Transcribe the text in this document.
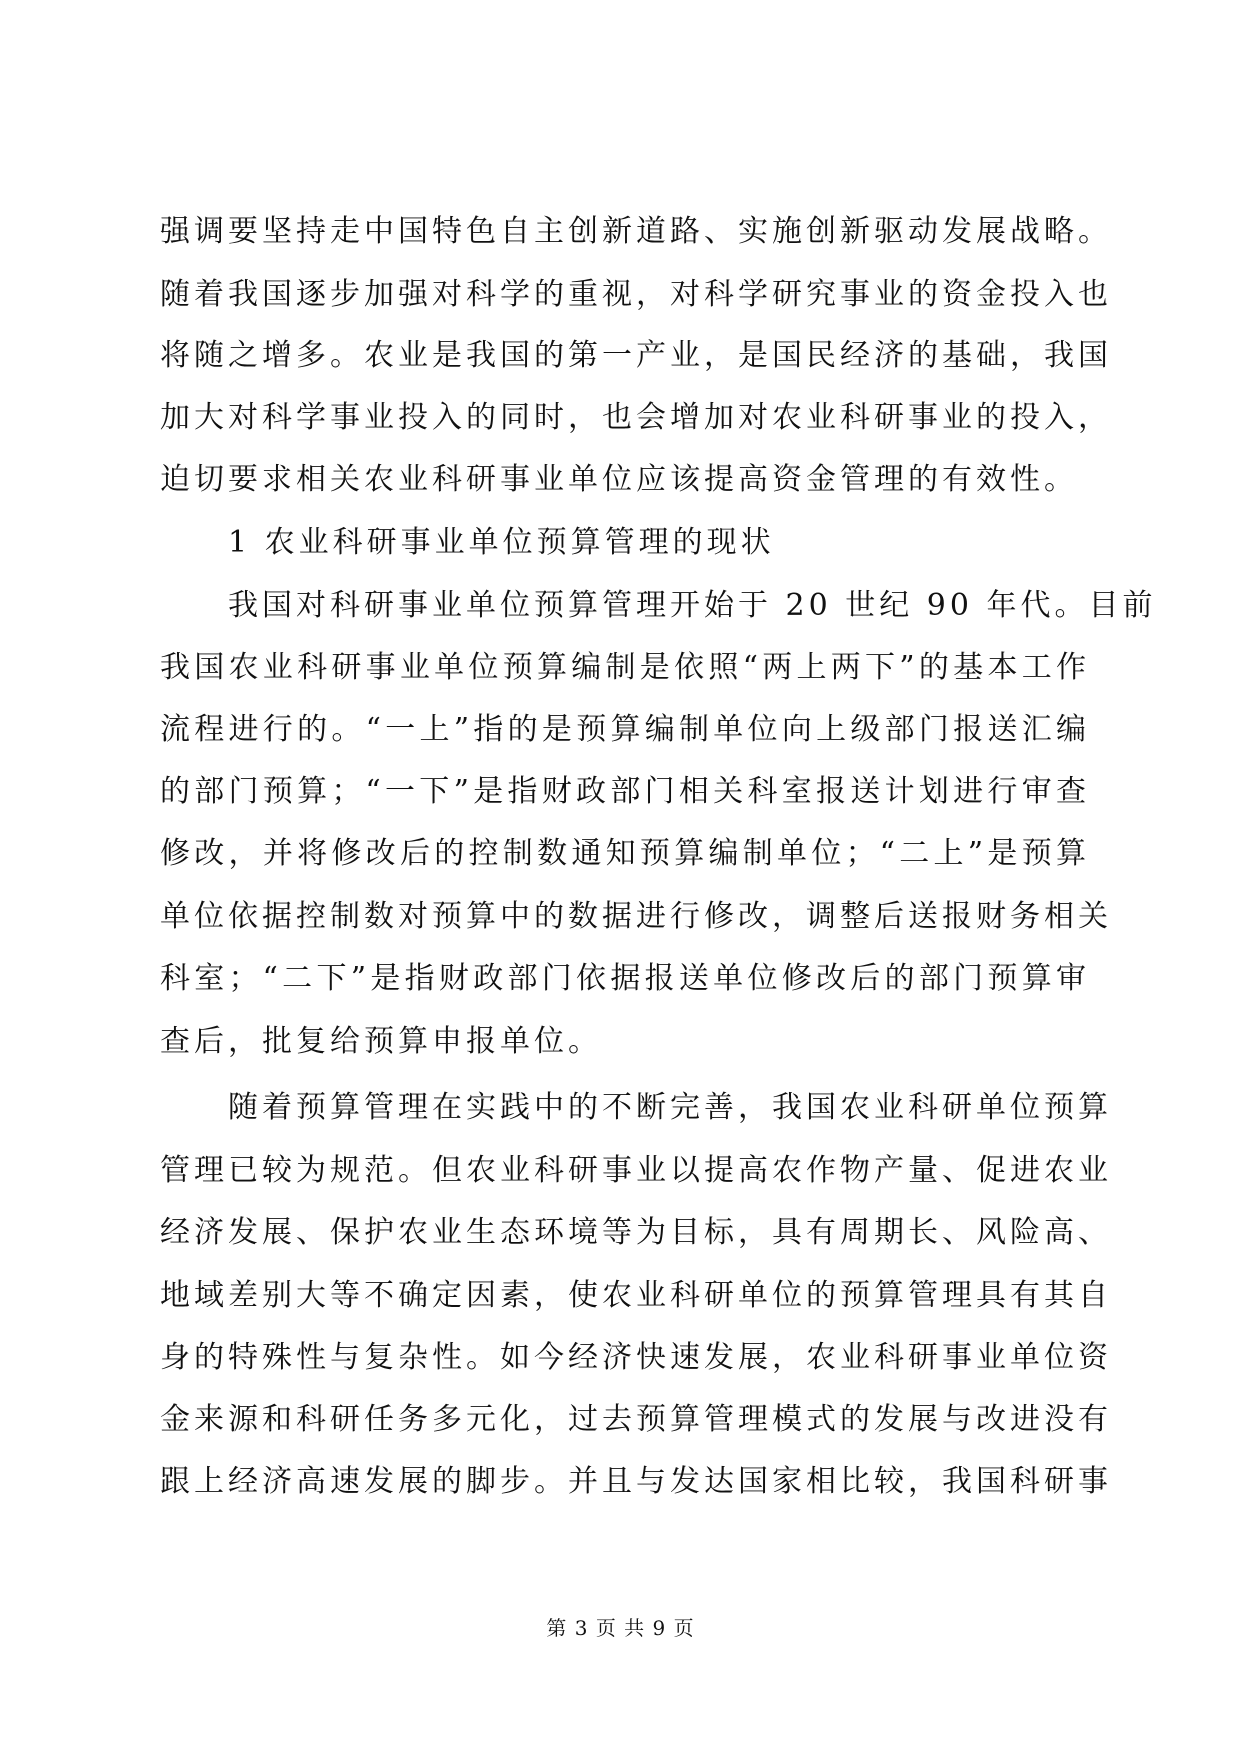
强调要坚持走中国特色自主创新道路、实施创新驱动发展战略。
随着我国逐步加强对科学的重视，对科学研究事业的资金投入也
将随之增多。农业是我国的第一产业，是国民经济的基础，我国
加大对科学事业投入的同时，也会增加对农业科研事业的投入，
迫切要求相关农业科研事业单位应该提高资金管理的有效性。
1 农业科研事业单位预算管理的现状
我国对科研事业单位预算管理开始于 20 世纪 90 年代。目前
我国农业科研事业单位预算编制是依照“两上两下”的基本工作
流程进行的。“一上”指的是预算编制单位向上级部门报送汇编
的部门预算；“一下”是指财政部门相关科室报送计划进行审查
修改，并将修改后的控制数通知预算编制单位；“二上”是预算
单位依据控制数对预算中的数据进行修改，调整后送报财务相关
科室；“二下”是指财政部门依据报送单位修改后的部门预算审
查后，批复给预算申报单位。
随着预算管理在实践中的不断完善，我国农业科研单位预算
管理已较为规范。但农业科研事业以提高农作物产量、促进农业
经济发展、保护农业生态环境等为目标，具有周期长、风险高、
地域差别大等不确定因素，使农业科研单位的预算管理具有其自
身的特殊性与复杂性。如今经济快速发展，农业科研事业单位资
金来源和科研任务多元化，过去预算管理模式的发展与改进没有
跟上经济高速发展的脚步。并且与发达国家相比较，我国科研事
第 3 页 共 9 页
